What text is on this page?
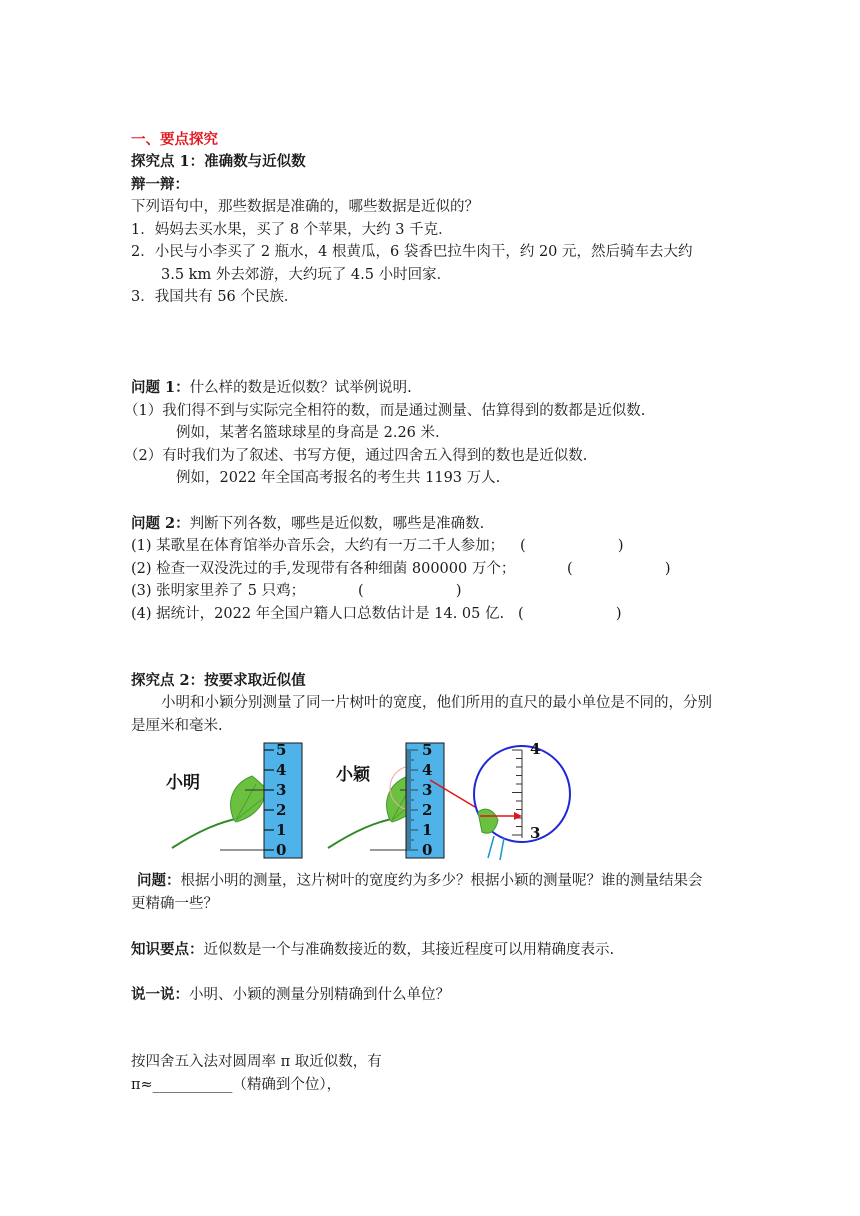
一、要点探究
探究点 1：准确数与近似数
辩一辩：
下列语句中，那些数据是准确的，哪些数据是近似的？
1．妈妈去买水果，买了 8 个苹果，大约 3 千克．
2．小民与小李买了 2 瓶水，4 根黄瓜，6 袋香巴拉牛肉干，约 20 元，然后骑车去大约
3.5 km 外去郊游，大约玩了 4.5 小时回家．
3．我国共有 56 个民族．
问题 1：什么样的数是近似数？试举例说明.
（1）我们得不到与实际完全相符的数，而是通过测量、估算得到的数都是近似数.
例如，某著名篮球球星的身高是 2.26 米.
（2）有时我们为了叙述、书写方便，通过四舍五入得到的数也是近似数.
例如，2022 年全国高考报名的考生共 1193 万人.
问题 2：判断下列各数，哪些是近似数，哪些是准确数.
(1) 某歌星在体育馆举办音乐会，大约有一万二千人参加； (                    )
(2) 检查一双没洗过的手,发现带有各种细菌 800000 万个；	(                    )
(3) 张明家里养了 5 只鸡；	(                    )
(4) 据统计，2022 年全国户籍人口总数估计是 14. 05 亿. (                    )
探究点 2：按要求取近似值
小明和小颖分别测量了同一片树叶的宽度，他们所用的直尺的最小单位是不同的，分别
是厘米和毫米.
小明
5
4
3
2
1
0
小颖
5
4
3
2
1
0
4
3
问题：根据小明的测量，这片树叶的宽度约为多少？根据小颖的测量呢？谁的测量结果会
更精确一些？
知识要点：近似数是一个与准确数接近的数，其接近程度可以用精确度表示.
说一说：小明、小颖的测量分别精确到什么单位？
按四舍五入法对圆周率 π 取近似数，有
π≈___________（精确到个位），
